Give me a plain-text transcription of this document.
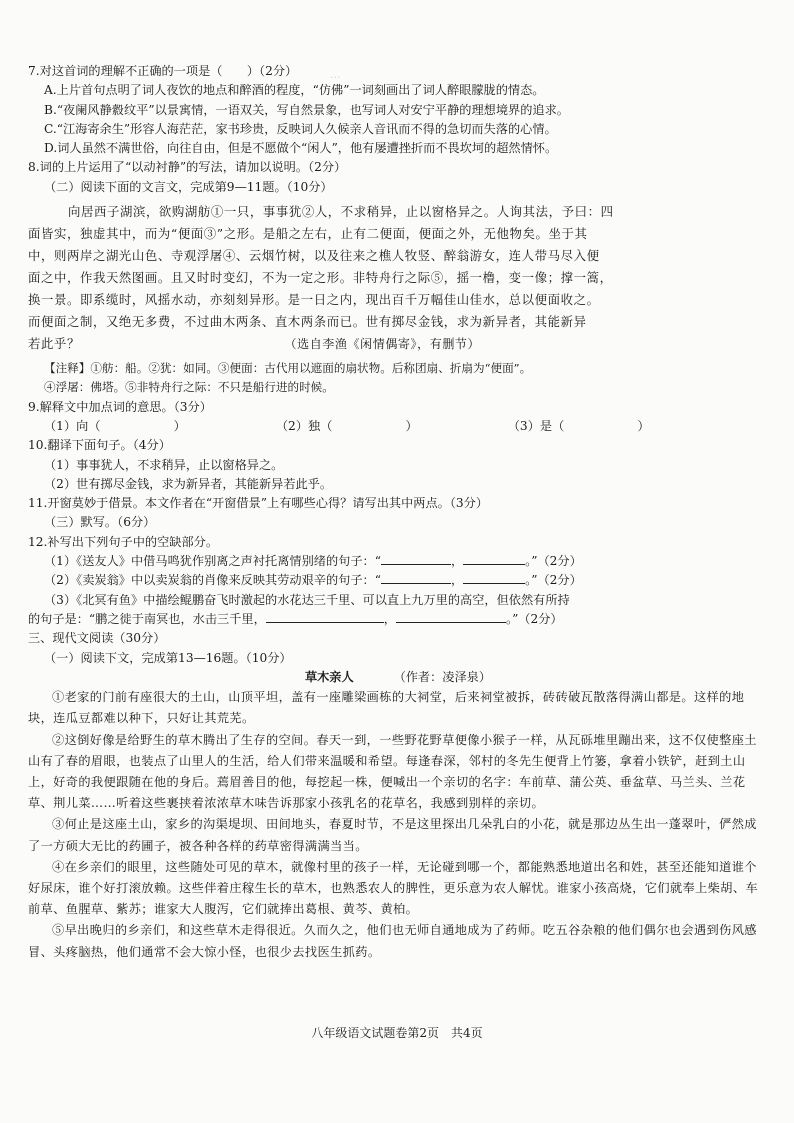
...

7.对这首词的理解不正确的一项是（　　）（2分）

A.上片首句点明了词人夜饮的地点和醉酒的程度，“仿佛”一词刻画出了词人醉眼朦胧的情态。

B.“夜阑风静縠纹平”以景寓情，一语双关，写自然景象，也写词人对安宁平静的理想境界的追求。

C.“江海寄余生”形容人海茫茫，家书珍贵，反映词人久候亲人音讯而不得的急切而失落的心情。

D.词人虽然不满世俗，向往自由，但是不愿做个“闲人”，他有屡遭挫折而不畏坎坷的超然情怀。

8.词的上片运用了“以动衬静”的写法，请加以说明。（2分）

（二）阅读下面的文言文，完成第9—11题。（10分）

向居西子湖滨，欲购湖舫①一只，事事犹②人，不求稍异，止以窗格异之。人询其法，予曰：四

面皆实，独虚其中，而为“便面③”之形。是船之左右，止有二便面，便面之外，无他物矣。坐于其

中，则两岸之湖光山色、寺观浮屠④、云烟竹树，以及往来之樵人牧竖、醉翁游女，连人带马尽入便

面之中，作我天然图画。且又时时变幻，不为一定之形。非特舟行之际⑤，摇一橹，变一像；撑一篙，

换一景。即系缆时，风摇水动，亦刻刻异形。是一日之内，现出百千万幅佳山佳水，总以便面收之。

而便面之制，又绝无多费，不过曲木两条、直木两条而已。世有掷尽金钱，求为新异者，其能新异

若此乎？	（选自李渔《闲情偶寄》，有删节）

【注释】①舫：船。②犹：如同。③便面：古代用以遮面的扇状物。后称团扇、折扇为“便面”。

④浮屠：佛塔。⑤非特舟行之际：不只是船行进的时候。

9.解释文中加点词的意思。（3分）

（1）向（　　　　　　）	（2）独（　　　　　　）	（3）是（　　　　　　）

10.翻译下面句子。（4分）

（1）事事犹人，不求稍异，止以窗格异之。

（2）世有掷尽金钱，求为新异者，其能新异若此乎。

11.开窗莫妙于借景。本文作者在“开窗借景”上有哪些心得？请写出其中两点。（3分）

（三）默写。（6分）

12.补写出下列句子中的空缺部分。

（1）《送友人》中借马鸣犹作别离之声衬托离情别绪的句子：“	，	。”（2分）

（2）《卖炭翁》中以卖炭翁的肖像来反映其劳动艰辛的句子：“	，	。”（2分）

（3）《北冥有鱼》中描绘鲲鹏奋飞时激起的水花达三千里、可以直上九万里的高空，但依然有所持

的句子是：“鹏之徙于南冥也，水击三千里，	，	。”（2分）

三、现代文阅读（30分）

（一）阅读下文，完成第13—16题。（10分）

草木亲人	（作者：凌泽泉）

①老家的门前有座很大的土山，山顶平坦，盖有一座雕梁画栋的大祠堂，后来祠堂被拆，砖砖破瓦散落得满山都是。这样的地块，连瓜豆都难以种下，只好让其荒芜。

②这倒好像是给野生的草木腾出了生存的空间。春天一到，一些野花野草便像小猴子一样，从瓦砾堆里蹦出来，这不仅使整座土山有了春的眉眼，也装点了山里人的生活，给人们带来温暖和希望。每逢春深，邻村的冬先生便背上竹篓，拿着小铁铲，赶到土山上，好奇的我便跟随在他的身后。蔫眉善目的他，每挖起一株，便喊出一个亲切的名字：车前草、蒲公英、垂盆草、马兰头、兰花草、荆儿菜……听着这些裹挟着浓浓草木味告诉那家小孩乳名的花草名，我感到别样的亲切。

③何止是这座土山，家乡的沟渠堤坝、田间地头，春夏时节，不是这里探出几朵乳白的小花，就是那边丛生出一蓬翠叶，俨然成了一方硕大无比的药圃子，被各种各样的药草密得满满当当。

④在乡亲们的眼里，这些随处可见的草木，就像村里的孩子一样，无论碰到哪一个，都能熟悉地道出名和姓，甚至还能知道谁个好尿床，谁个好打滚放赖。这些伴着庄稼生长的草木，也熟悉农人的脾性，更乐意为农人解忧。谁家小孩高烧，它们就奉上柴胡、车前草、鱼腥草、紫苏；谁家大人腹泻，它们就捧出葛根、黄芩、黄柏。

⑤早出晚归的乡亲们，和这些草木走得很近。久而久之，他们也无师自通地成为了药师。吃五谷杂粮的他们偶尔也会遇到伤风感冒、头疼脑热，他们通常不会大惊小怪，也很少去找医生抓药。

八年级语文试题卷第2页　共4页
